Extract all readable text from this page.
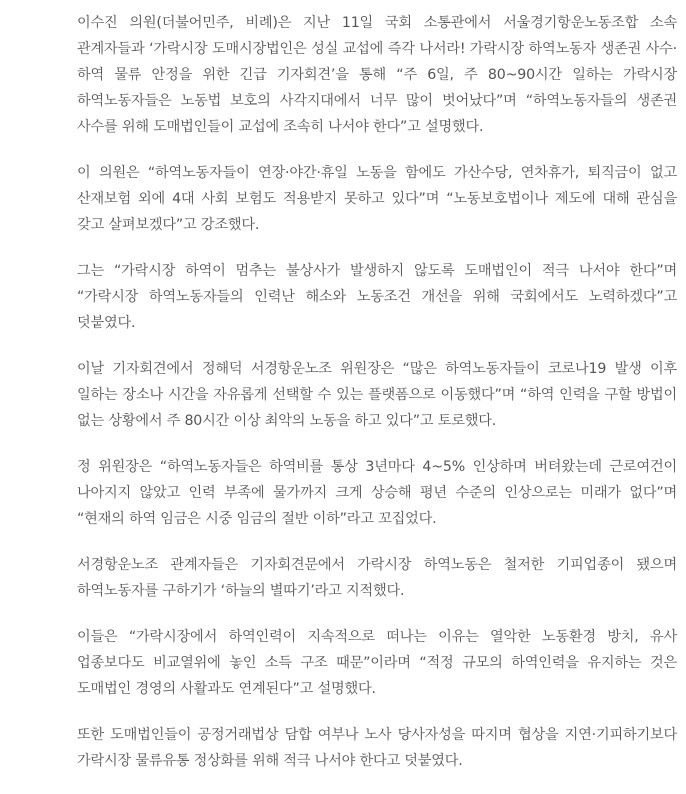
이수진 의원(더불어민주, 비례)은 지난 11일 국회 소통관에서 서울경기항운노동조합 소속 관계자들과 ‘가락시장 도매시장법인은 성실 교섭에 즉각 나서라! 가락시장 하역노동자 생존권 사수·하역 물류 안정을 위한 긴급 기자회견’을 통해 “주 6일, 주 80~90시간 일하는 가락시장 하역노동자들은 노동법 보호의 사각지대에서 너무 많이 벗어났다”며 “하역노동자들의 생존권 사수를 위해 도매법인들이 교섭에 조속히 나서야 한다”고 설명했다.

이 의원은 “하역노동자들이 연장·야간·휴일 노동을 함에도 가산수당, 연차휴가, 퇴직금이 없고 산재보험 외에 4대 사회 보험도 적용받지 못하고 있다”며 “노동보호법이나 제도에 대해 관심을 갖고 살펴보겠다”고 강조했다.

그는 “가락시장 하역이 멈추는 불상사가 발생하지 않도록 도매법인이 적극 나서야 한다”며 “가락시장 하역노동자들의 인력난 해소와 노동조건 개선을 위해 국회에서도 노력하겠다”고 덧붙였다.

이날 기자회견에서 정해덕 서경항운노조 위원장은 “많은 하역노동자들이 코로나19 발생 이후 일하는 장소나 시간을 자유롭게 선택할 수 있는 플랫폼으로 이동했다”며 “하역 인력을 구할 방법이 없는 상황에서 주 80시간 이상 최악의 노동을 하고 있다”고 토로했다.

정 위원장은 “하역노동자들은 하역비를 통상 3년마다 4~5% 인상하며 버텨왔는데 근로여건이 나아지지 않았고 인력 부족에 물가까지 크게 상승해 평년 수준의 인상으로는 미래가 없다”며 “현재의 하역 임금은 시중 임금의 절반 이하”라고 꼬집었다.

서경항운노조 관계자들은 기자회견문에서 가락시장 하역노동은 철저한 기피업종이 됐으며 하역노동자를 구하기가 ‘하늘의 별따기’라고 지적했다.

이들은 “가락시장에서 하역인력이 지속적으로 떠나는 이유는 열악한 노동환경 방치, 유사 업종보다도 비교열위에 놓인 소득 구조 때문”이라며 “적정 규모의 하역인력을 유지하는 것은 도매법인 경영의 사활과도 연계된다”고 설명했다.

또한 도매법인들이 공정거래법상 담합 여부나 노사 당사자성을 따지며 협상을 지연·기피하기보다 가락시장 물류유통 정상화를 위해 적극 나서야 한다고 덧붙였다.
